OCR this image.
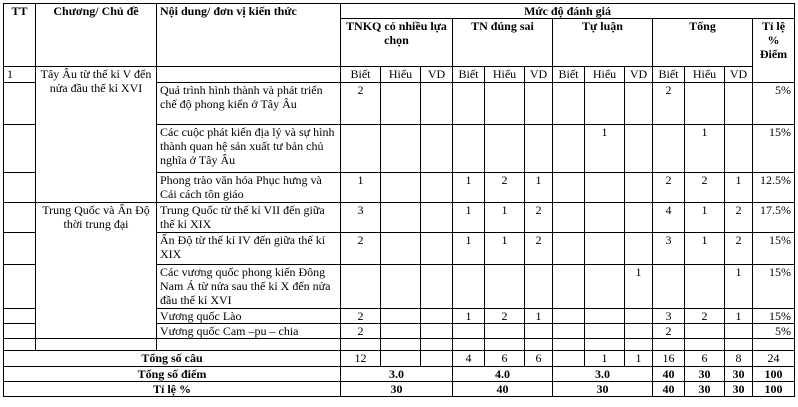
TT	Chương/ Chủ đề	Nội dung/ đơn vị kiến thức	Mức độ đánh giá												
			TNKQ có nhiều lựa chọn			TN đúng sai			Tự luận			Tổng			Tỉ lệ % Điểm
1	Tây Âu từ thế kỉ V đến nửa đầu thế kỉ XVI		Biết	Hiểu	VD	Biết	Hiểu	VD	Biết	Hiểu	VD	Biết	Hiểu	VD	
		Quá trình hình thành và phát triển chế độ phong kiến ở Tây Âu	2									2			5%
		Các cuộc phát kiến địa lý và sự hình thành quan hệ sản xuất tư bản chủ nghĩa ở Tây Âu								1			1		15%
		Phong trào văn hóa Phục hưng và Cải cách tôn giáo	1			1	2	1				2	2	1	12.5%
	Trung Quốc và Ấn Độ thời trung đại	Trung Quốc từ thế kỉ VII đến giữa thế kỉ XIX	3			1	1	2				4	1	2	17.5%
		Ấn Độ từ thế kỉ IV đến giữa thế kỉ XIX	2			1	1	2				3	1	2	15%
		Các vương quốc phong kiến Đông Nam Á từ nửa sau thế kỉ X đến nửa đầu thế kỉ XVI									1			1	15%
		Vương quốc Lào	2			1	2	1				3	2	1	15%
		Vương quốc Cam –pu – chia	2									2			5%

Tổng số câu			12			4	6	6		1	1	16	6	8	24
Tổng số điểm			3.0			4.0			3.0			40	30	30	100
Tỉ lệ %			30			40			30			40	30	30	100
